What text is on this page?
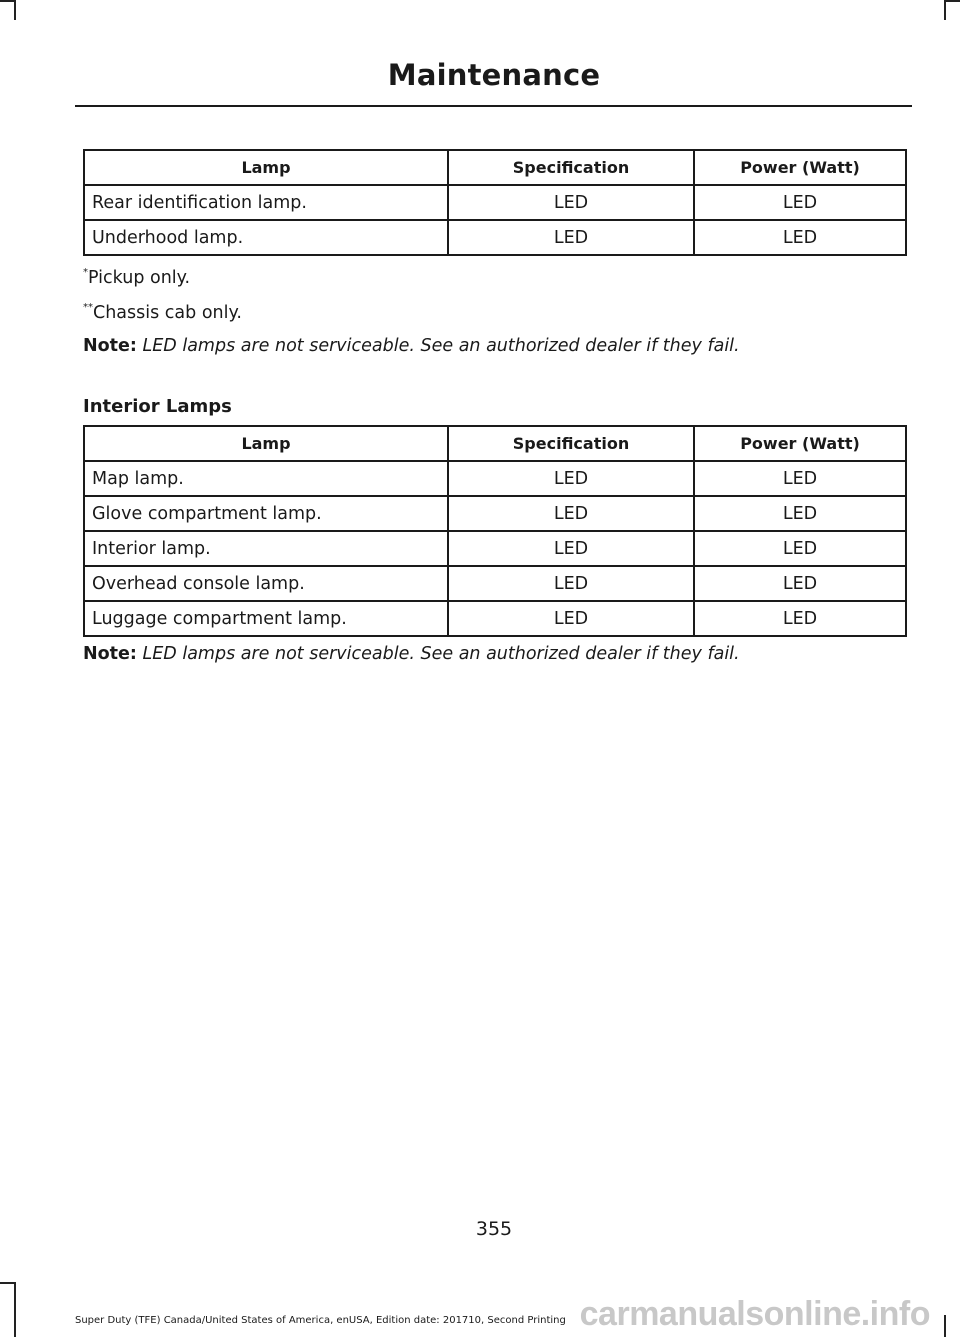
Maintenance
Lamp	Specification	Power (Watt)
Rear identification lamp.	LED	LED
Underhood lamp.	LED	LED
*Pickup only.
**Chassis cab only.
Note: LED lamps are not serviceable. See an authorized dealer if they fail.
Interior Lamps
Lamp	Specification	Power (Watt)
Map lamp.	LED	LED
Glove compartment lamp.	LED	LED
Interior lamp.	LED	LED
Overhead console lamp.	LED	LED
Luggage compartment lamp.	LED	LED
Note: LED lamps are not serviceable. See an authorized dealer if they fail.
355
Super Duty (TFE) Canada/United States of America, enUSA, Edition date: 201710, Second Printing carmanualsonline.info
